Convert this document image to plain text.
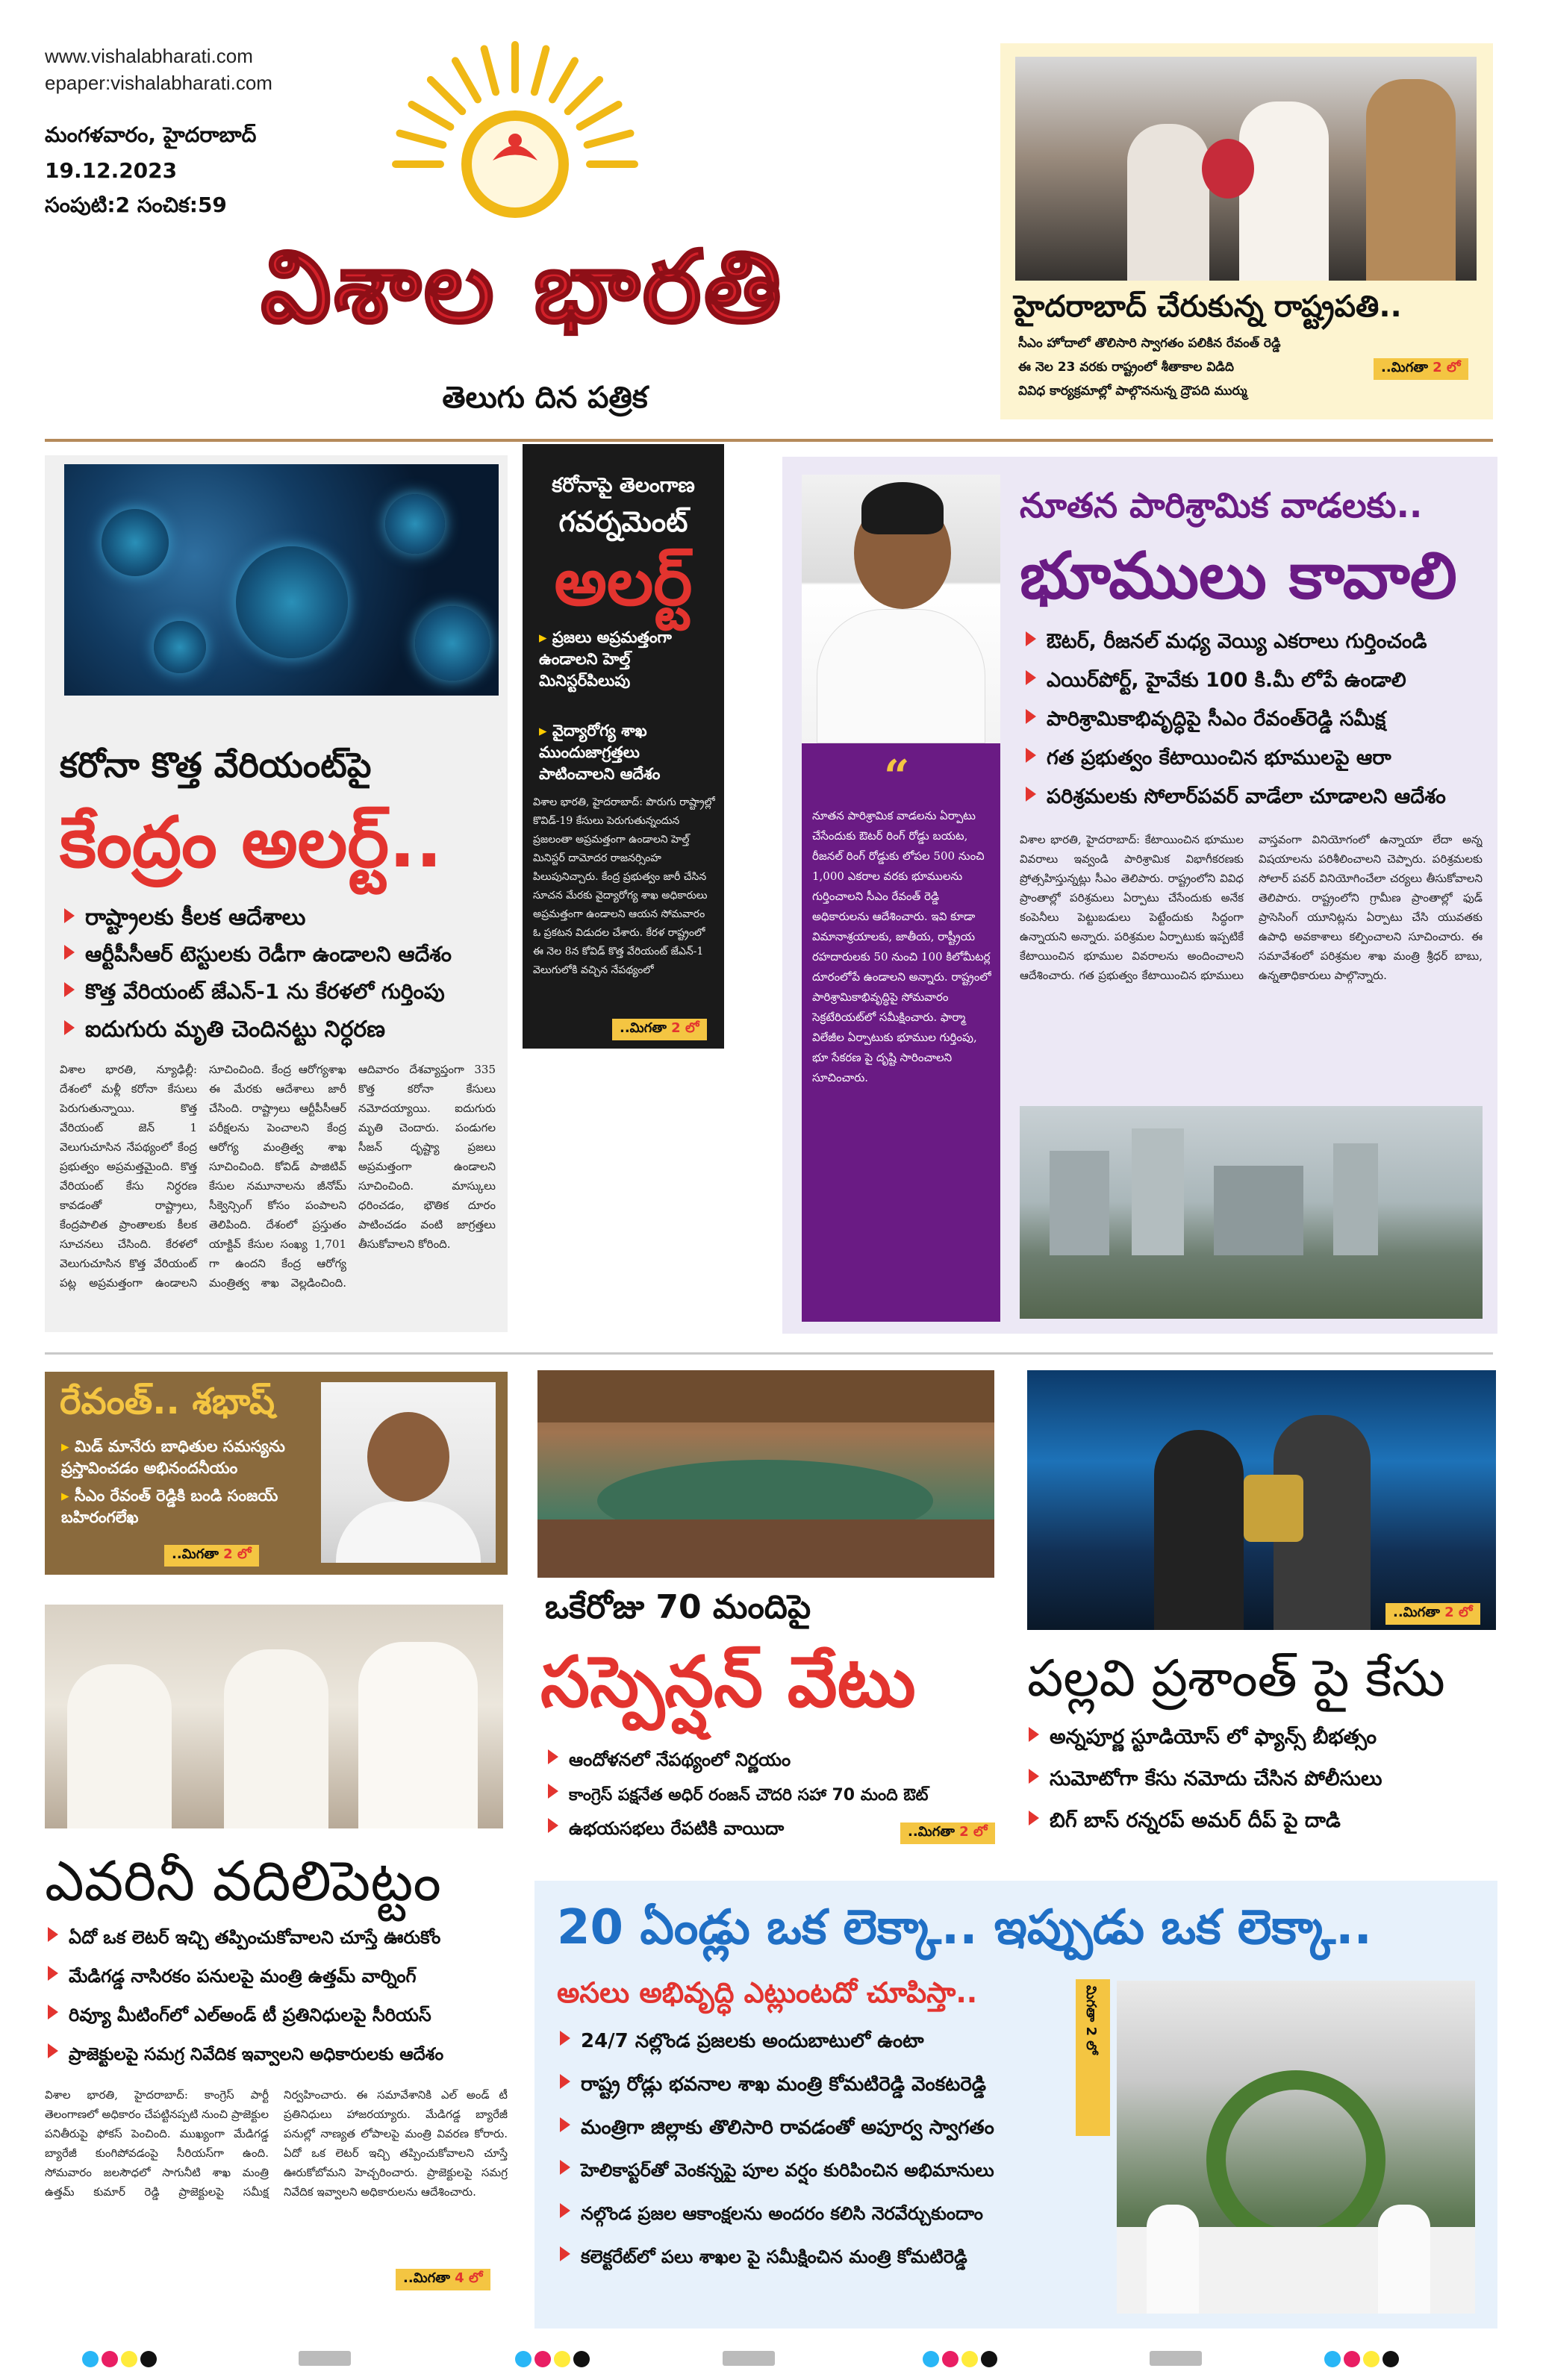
www.vishalabharati.com
epaper:vishalabharati.com
మంగళవారం, హైదరాబాద్
19.12.2023
సంపుటి:2 సంచిక:59
విశాల భారతి
తెలుగు దిన పత్రిక
హైదరాబాద్ చేరుకున్న రాష్ట్రపతి..
సీఎం హోదాలో తొలిసారి స్వాగతం పలికిన రేవంత్ రెడ్డి
ఈ నెల 23 వరకు రాష్ట్రంలో శీతాకాల విడిది
వివిధ కార్యక్రమాల్లో పాల్గొననున్న ద్రౌపది ముర్ము
..మిగతా 2 లో
కరోనా కొత్త వేరియంట్‌పై
కేంద్రం అలర్ట్..
రాష్ట్రాలకు కీలక ఆదేశాలు
ఆర్టీపీసీఆర్ టెస్టులకు రెడీగా ఉండాలని ఆదేశం
కొత్త వేరియంట్ జేఎన్-1 ను కేరళలో గుర్తింపు
ఐదుగురు మృతి చెందినట్టు నిర్ధరణ
విశాల భారతి, న్యూఢిల్లీ: దేశంలో మళ్లీ కరోనా కేసులు పెరుగుతున్నాయి. కొత్త వేరియంట్ జెన్ 1 వెలుగుచూసిన నేపథ్యంలో కేంద్ర ప్రభుత్వం అప్రమత్తమైంది. కొత్త వేరియంట్ కేసు నిర్ధరణ కావడంతో రాష్ట్రాలు, కేంద్రపాలిత ప్రాంతాలకు కీలక సూచనలు చేసింది. కేరళలో వెలుగుచూసిన కొత్త వేరియంట్ పట్ల అప్రమత్తంగా ఉండాలని సూచించింది. కేంద్ర ఆరోగ్యశాఖ ఈ మేరకు ఆదేశాలు జారీ చేసింది. రాష్ట్రాలు ఆర్టీపీసీఆర్ పరీక్షలను పెంచాలని కేంద్ర ఆరోగ్య మంత్రిత్వ శాఖ సూచించింది. కోవిడ్ పాజిటివ్ కేసుల నమూనాలను జీనోమ్ సీక్వెన్సింగ్ కోసం పంపాలని తెలిపింది. దేశంలో ప్రస్తుతం యాక్టివ్ కేసుల సంఖ్య 1,701 గా ఉందని కేంద్ర ఆరోగ్య మంత్రిత్వ శాఖ వెల్లడించింది. ఆదివారం దేశవ్యాప్తంగా 335 కొత్త కరోనా కేసులు నమోదయ్యాయి. ఐదుగురు మృతి చెందారు. పండుగల సీజన్ దృష్ట్యా ప్రజలు అప్రమత్తంగా ఉండాలని సూచించింది. మాస్కులు ధరించడం, భౌతిక దూరం పాటించడం వంటి జాగ్రత్తలు తీసుకోవాలని కోరింది.
కరోనాపై తెలంగాణ
గవర్నమెంట్
అలర్ట్
▸ ప్రజలు అప్రమత్తంగా ఉండాలని హెల్త్ మినిస్టర్‌పిలుపు
▸ వైద్యారోగ్య శాఖ ముందుజాగ్రత్తలు పాటించాలని ఆదేశం
విశాల భారతి, హైదరాబాద్: పొరుగు రాష్ట్రాల్లో కొవిడ్-19 కేసులు పెరుగుతున్నందున ప్రజలంతా అప్రమత్తంగా ఉండాలని హెల్త్ మినిస్టర్ దామోదర రాజనర్సింహ పిలుపునిచ్చారు. కేంద్ర ప్రభుత్వం జారీ చేసిన సూచన మేరకు వైద్యారోగ్య శాఖ అధికారులు అప్రమత్తంగా ఉండాలని ఆయన సోమవారం ఓ ప్రకటన విడుదల చేశారు. కేరళ రాష్ట్రంలో ఈ నెల 8న కోవిడ్ కొత్త వేరియంట్ జేఎన్-1 వెలుగులోకి వచ్చిన నేపథ్యంలో
..మిగతా 2 లో
“
నూతన పారిశ్రామిక వాడలను ఏర్పాటు చేసేందుకు ఔటర్ రింగ్ రోడ్డు బయట, రీజనల్ రింగ్ రోడ్డుకు లోపల 500 నుంచి 1,000 ఎకరాల వరకు భూములను గుర్తించాలని సీఎం రేవంత్ రెడ్డి అధికారులను ఆదేశించారు. ఇవి కూడా విమానాశ్రయాలకు, జాతీయ, రాష్ట్రీయ రహదారులకు 50 నుంచి 100 కిలోమీటర్ల దూరంలోపే ఉండాలని అన్నారు. రాష్ట్రంలో పారిశ్రామికాభివృద్ధిపై సోమవారం సెక్రటేరియట్‌లో సమీక్షించారు. ఫార్మా విలేజీల ఏర్పాటుకు భూముల గుర్తింపు, భూ సేకరణ పై దృష్టి సారించాలని సూచించారు.
నూతన పారిశ్రామిక వాడలకు..
భూములు కావాలి
ఔటర్, రీజనల్ మధ్య వెయ్యి ఎకరాలు గుర్తించండి
ఎయిర్‌పోర్ట్, హైవేకు 100 కి.మీ లోపే ఉండాలి
పారిశ్రామికాభివృద్ధిపై సీఎం రేవంత్‌రెడ్డి సమీక్ష
గత ప్రభుత్వం కేటాయించిన భూములపై ఆరా
పరిశ్రమలకు సోలార్‌పవర్ వాడేలా చూడాలని ఆదేశం
విశాల భారతి, హైదరాబాద్: కేటాయించిన భూముల వివరాలు ఇవ్వండి పారిశ్రామిక విభాగీకరణకు ప్రోత్సహిస్తున్నట్లు సీఎం తెలిపారు. రాష్ట్రంలోని వివిధ ప్రాంతాల్లో పరిశ్రమలు ఏర్పాటు చేసేందుకు అనేక కంపెనీలు పెట్టుబడులు పెట్టేందుకు సిద్ధంగా ఉన్నాయని అన్నారు. పరిశ్రమల ఏర్పాటుకు ఇప్పటికే కేటాయించిన భూముల వివరాలను అందించాలని ఆదేశించారు. గత ప్రభుత్వం కేటాయించిన భూములు వాస్తవంగా వినియోగంలో ఉన్నాయా లేదా అన్న విషయాలను పరిశీలించాలని చెప్పారు. పరిశ్రమలకు సోలార్ పవర్ వినియోగించేలా చర్యలు తీసుకోవాలని తెలిపారు. రాష్ట్రంలోని గ్రామీణ ప్రాంతాల్లో ఫుడ్ ప్రాసెసింగ్ యూనిట్లను ఏర్పాటు చేసి యువతకు ఉపాధి అవకాశాలు కల్పించాలని సూచించారు. ఈ సమావేశంలో పరిశ్రమల శాఖ మంత్రి శ్రీధర్ బాబు, ఉన్నతాధికారులు పాల్గొన్నారు.
రేవంత్.. శభాష్
▸ మిడ్ మానేరు బాధితుల సమస్యను ప్రస్తావించడం అభినందనీయం
▸ సీఎం రేవంత్ రెడ్డికి బండి సంజయ్ బహిరంగలేఖ
..మిగతా 2 లో
ఒకేరోజు 70 మందిపై
సస్పెన్షన్ వేటు
ఆందోళనలో నేపథ్యంలో నిర్ణయం
కాంగ్రెస్ పక్షనేత అధిర్ రంజన్ చౌదరి సహా 70 మంది ఔట్
ఉభయసభలు రేపటికి వాయిదా	..మిగతా 2 లో
..మిగతా 2 లో
పల్లవి ప్రశాంత్ పై కేసు
అన్నపూర్ణ స్టూడియోస్ లో ఫ్యాన్స్ బీభత్సం
సుమోటోగా కేసు నమోదు చేసిన పోలీసులు
బిగ్ బాస్ రన్నరప్ అమర్ దీప్ పై దాడి
ఎవరినీ వదిలిపెట్టం
ఏదో ఒక లెటర్ ఇచ్చి తప్పించుకోవాలని చూస్తే ఊరుకోం
మేడిగడ్డ నాసిరకం పనులపై మంత్రి ఉత్తమ్ వార్నింగ్
రివ్యూ మీటింగ్‌లో ఎల్అండ్ టీ ప్రతినిధులపై సీరియస్
ప్రాజెక్టులపై సమగ్ర నివేదిక ఇవ్వాలని అధికారులకు ఆదేశం
విశాల భారతి, హైదరాబాద్: కాంగ్రెస్ పార్టీ తెలంగాణలో అధికారం చేపట్టినప్పటి నుంచి ప్రాజెక్టుల పనితీరుపై ఫోకస్ పెంచింది. ముఖ్యంగా మేడిగడ్డ బ్యారేజీ కుంగిపోవడంపై సీరియస్‌గా ఉంది. సోమవారం జలసౌధలో సాగునీటి శాఖ మంత్రి ఉత్తమ్ కుమార్ రెడ్డి ప్రాజెక్టులపై సమీక్ష నిర్వహించారు. ఈ సమావేశానికి ఎల్ అండ్ టీ ప్రతినిధులు హాజరయ్యారు. మేడిగడ్డ బ్యారేజీ పనుల్లో నాణ్యత లోపాలపై మంత్రి వివరణ కోరారు. ఏదో ఒక లెటర్ ఇచ్చి తప్పించుకోవాలని చూస్తే ఊరుకోబోమని హెచ్చరించారు. ప్రాజెక్టులపై సమగ్ర నివేదిక ఇవ్వాలని అధికారులను ఆదేశించారు.
..మిగతా 4 లో
20 ఏండ్లు ఒక లెక్కా.. ఇప్పుడు ఒక లెక్కా..
అసలు అభివృద్ధి ఎట్లుంటదో చూపిస్తా..
24/7 నల్లొండ ప్రజలకు అందుబాటులో ఉంటా
రాష్ట్ర రోడ్లు భవనాల శాఖ మంత్రి కోమటిరెడ్డి వెంకటరెడ్డి
మంత్రిగా జిల్లాకు తొలిసారి రావడంతో అపూర్వ స్వాగతం
హెలికాప్టర్‌తో వెంకన్నపై పూల వర్షం కురిపించిన అభిమానులు
నల్గొండ ప్రజల ఆకాంక్షలను అందరం కలిసి నెరవేర్చుకుందాం
కలెక్టరేట్‌లో పలు శాఖల పై సమీక్షించిన మంత్రి కోమటిరెడ్డి
మిగతా 2 లో
